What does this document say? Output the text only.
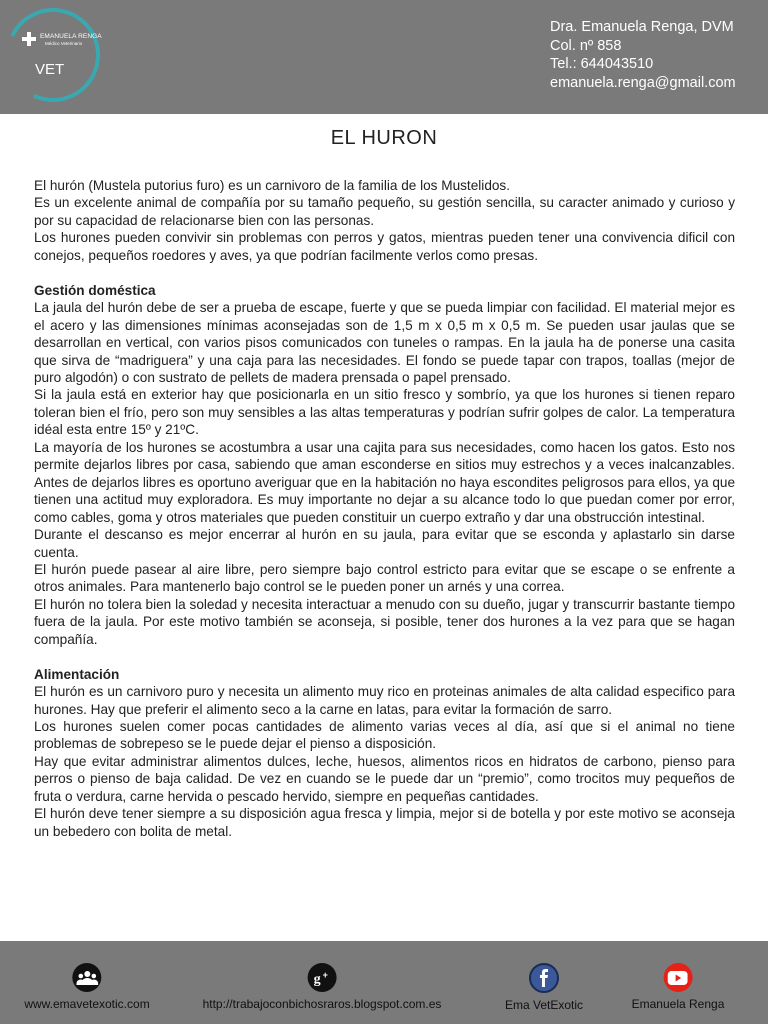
EMANUELA RENGA
Médico Veterinario
VET
Dra. Emanuela Renga, DVM
Col. nº 858
Tel.: 644043510
emanuela.renga@gmail.com
EL HURON

El hurón (Mustela putorius furo) es un carnivoro de la familia de los Mustelidos.

Es un excelente animal de compañía por su tamaño pequeño, su gestión sencilla, su caracter animado y curioso y por su capacidad de relacionarse bien con las personas.

Los hurones pueden convivir sin problemas con perros y gatos, mientras pueden tener una convivencia dificil con conejos, pequeños roedores y aves, ya que podrían facilmente verlos como presas.

Gestión doméstica

La jaula del hurón debe de ser a prueba de escape, fuerte y que se pueda limpiar con facilidad. El material mejor es el acero y las dimensiones mínimas aconsejadas son de 1,5 m x 0,5 m x 0,5 m. Se pueden usar jaulas que se desarrollan en vertical, con varios pisos comunicados con tuneles o rampas. En la jaula ha de ponerse una casita que sirva de “madriguera” y una caja para las necesidades. El fondo se puede tapar con trapos, toallas (mejor de puro algodón) o con sustrato de pellets de madera prensada o papel prensado.

Si la jaula está en exterior hay que posicionarla en un sitio fresco y sombrío, ya que los hurones si tienen reparo toleran bien el frío, pero son muy sensibles a las altas temperaturas y podrían sufrir golpes de calor. La temperatura idéal esta entre 15º y 21ºC.

La mayoría de los hurones se acostumbra a usar una cajita para sus necesidades, como hacen los gatos. Esto nos permite dejarlos libres por casa, sabiendo que aman esconderse en sitios muy estrechos y a veces inalcanzables. Antes de dejarlos libres es oportuno averiguar que en la habitación no haya escondites peligrosos para ellos, ya que tienen una actitud muy exploradora. Es muy importante no dejar a su alcance todo lo que puedan comer por error, como cables, goma y otros materiales que pueden constituir un cuerpo extraño y dar una obstrucción intestinal.

Durante el descanso es mejor encerrar al hurón en su jaula, para evitar que se esconda y aplastarlo sin darse cuenta.

El hurón puede pasear al aire libre, pero siempre bajo control estricto para evitar que se escape o se enfrente a otros animales. Para mantenerlo bajo control se le pueden poner un arnés y una correa.

El hurón no tolera bien la soledad y necesita interactuar a menudo con su dueño, jugar y transcurrir bastante tiempo fuera de la jaula. Por este motivo también se aconseja, si posible, tener dos hurones a la vez para que se hagan compañía.

Alimentación

El hurón es un carnivoro puro y necesita un alimento muy rico en proteinas animales de alta calidad especifico para hurones. Hay que preferir el alimento seco a la carne en latas, para evitar la formación de sarro.

Los hurones suelen comer pocas cantidades de alimento varias veces al día, así que si el animal no tiene problemas de sobrepeso se le puede dejar el pienso a disposición.

Hay que evitar administrar alimentos dulces, leche, huesos, alimentos ricos en hidratos de carbono, pienso para perros o pienso de baja calidad. De vez en cuando se le puede dar un “premio”, como trocitos muy pequeños de fruta o verdura, carne hervida o pescado hervido, siempre en pequeñas cantidades.

El hurón deve tener siempre a su disposición agua fresca y limpia, mejor si de botella y por este motivo se aconseja un bebedero con bolita de metal.

www.emavetexotic.com
g +
http://trabajoconbichosraros.blogspot.com.es	Ema VetExotic	Emanuela Renga
